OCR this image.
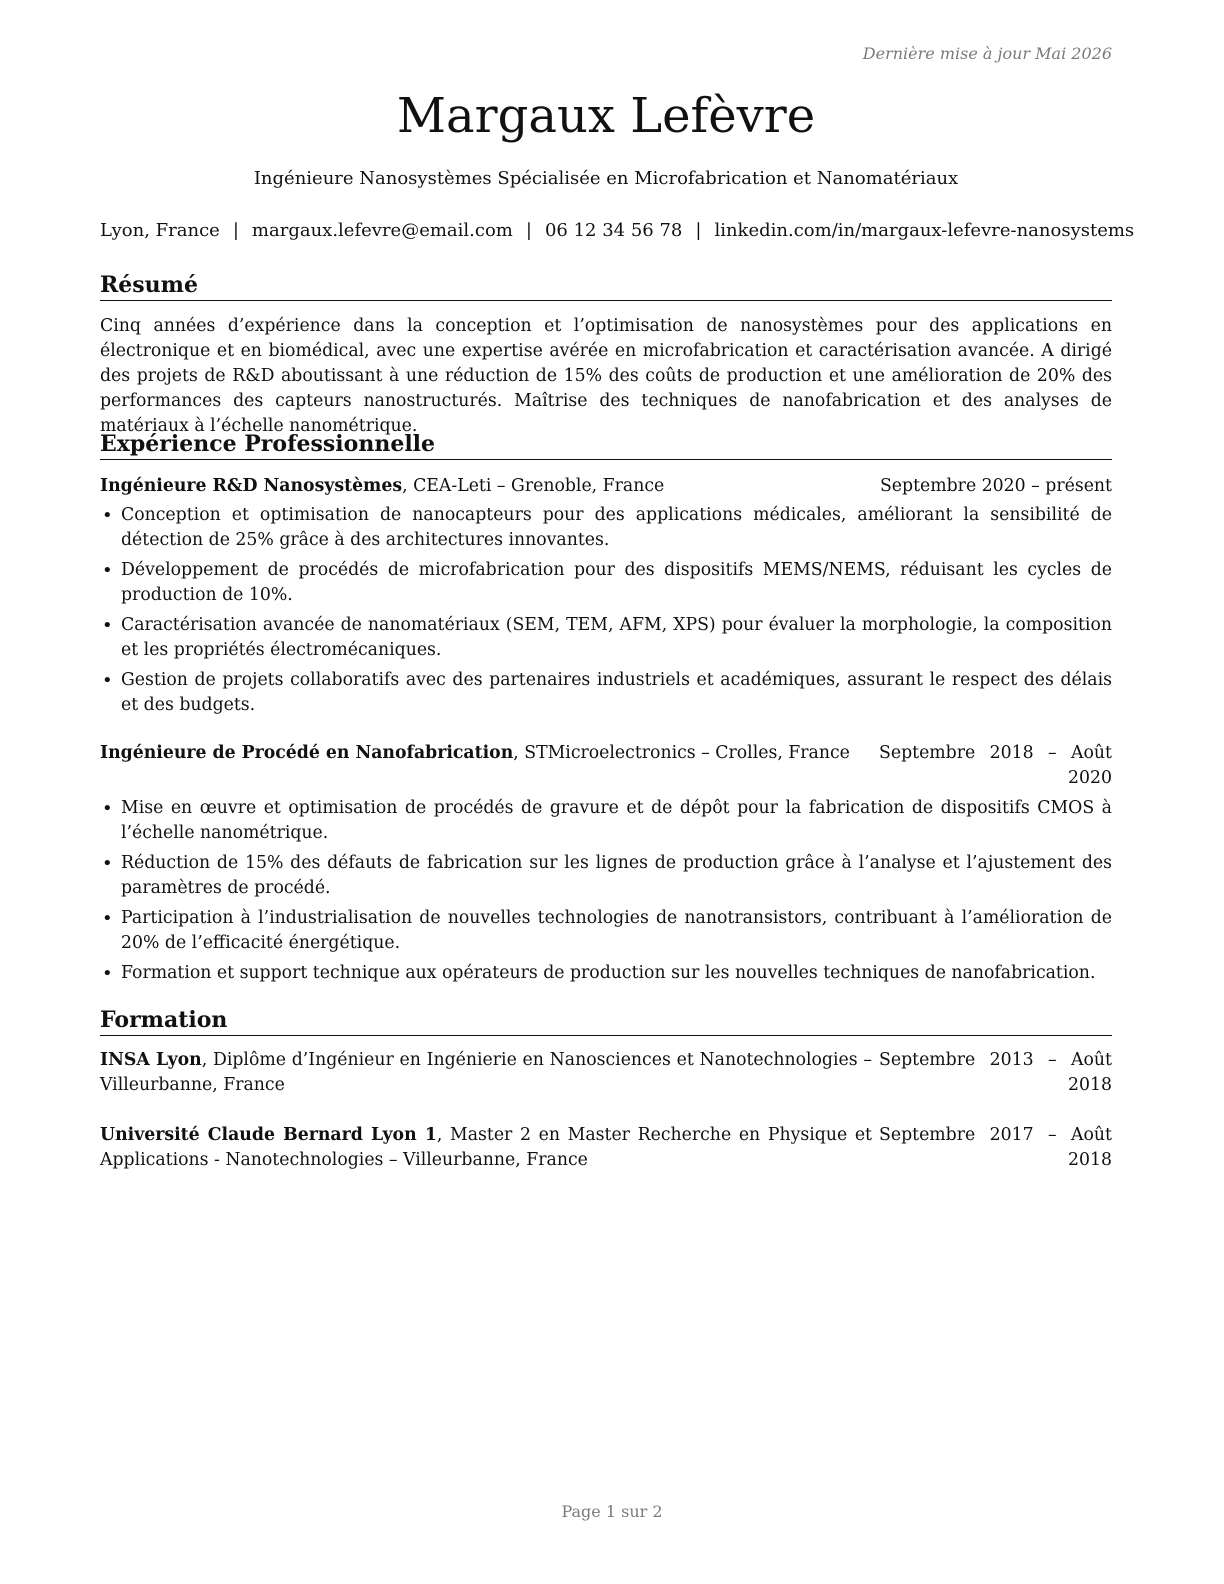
Dernière mise à jour Mai 2026
Margaux Lefèvre
Ingénieure Nanosystèmes Spécialisée en Microfabrication et Nanomatériaux
Lyon, France | margaux.lefevre@email.com | 06 12 34 56 78 | linkedin.com/in/margaux-lefevre-nanosystems
Résumé
Cinq années d’expérience dans la conception et l’optimisation de nanosystèmes pour des applications en électronique et en biomédical, avec une expertise avérée en microfabrication et caractérisation avancée. A dirigé des projets de R&D aboutissant à une réduction de 15% des coûts de production et une amélioration de 20% des performances des capteurs nanostructurés. Maîtrise des techniques de nanofabrication et des analyses de matériaux à l’échelle nanométrique.
Expérience Professionnelle
Ingénieure R&D Nanosystèmes, CEA-Leti – Grenoble, France	Septembre 2020 – présent
• Conception et optimisation de nanocapteurs pour des applications médicales, améliorant la sensibilité de détection de 25% grâce à des architectures innovantes.
• Développement de procédés de microfabrication pour des dispositifs MEMS/NEMS, réduisant les cycles de production de 10%.
• Caractérisation avancée de nanomatériaux (SEM, TEM, AFM, XPS) pour évaluer la morphologie, la composition et les propriétés électromécaniques.
• Gestion de projets collaboratifs avec des partenaires industriels et académiques, assurant le respect des délais et des budgets.
Ingénieure de Procédé en Nanofabrication, STMicroelectronics – Crolles, France Septembre 2018 – Août 2020
• Mise en œuvre et optimisation de procédés de gravure et de dépôt pour la fabrication de dispositifs CMOS à l’échelle nanométrique.
• Réduction de 15% des défauts de fabrication sur les lignes de production grâce à l’analyse et l’ajustement des paramètres de procédé.
• Participation à l’industrialisation de nouvelles technologies de nanotransistors, contribuant à l’amélioration de 20% de l’efficacité énergétique.
• Formation et support technique aux opérateurs de production sur les nouvelles techniques de nanofabrication.
Formation
INSA Lyon, Diplôme d’Ingénieur en Ingénierie en Nanosciences et Nanotechnologies – Villeurbanne, France
Septembre 2013 – Août 2018
Université Claude Bernard Lyon 1, Master 2 en Master Recherche en Physique et Applications - Nanotechnologies – Villeurbanne, France
Septembre 2017 – Août 2018
Page 1 sur 2
